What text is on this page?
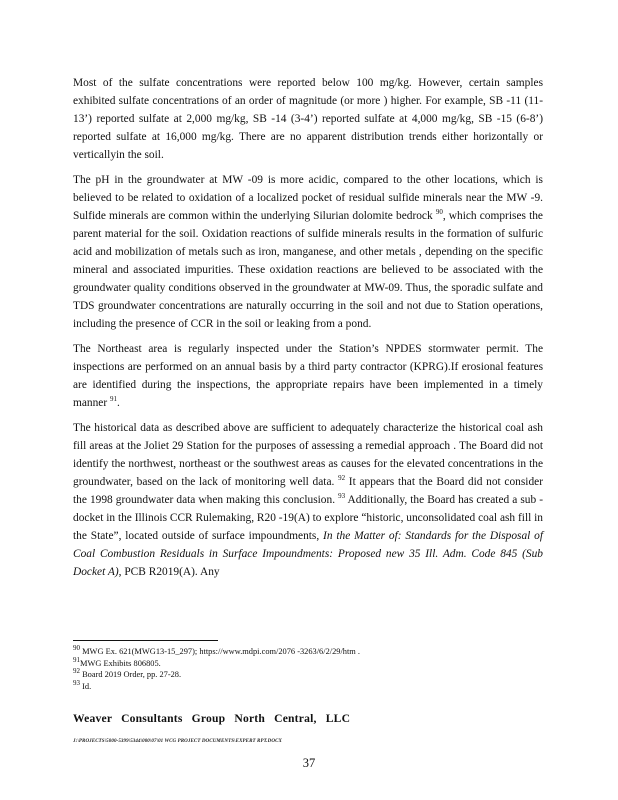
Most of the sulfate concentrations were reported below 100 mg/kg. However, certain samples exhibited sulfate concentrations of an order of magnitude (or more ) higher. For example, SB -11 (11-13’) reported sulfate at 2,000 mg/kg, SB -14 (3-4’) reported sulfate at 4,000 mg/kg, SB -15 (6-8’) reported sulfate at 16,000 mg/kg. There are no apparent distribution trends either horizontally or verticallyin the soil.

The pH in the groundwater at MW -09 is more acidic, compared to the other locations, which is believed to be related to oxidation of a localized pocket of residual sulfide minerals near the MW -9. Sulfide minerals are common within the underlying Silurian dolomite bedrock $^{90}$, which comprises the parent material for the soil. Oxidation reactions of sulfide minerals results in the formation of sulfuric acid and mobilization of metals such as iron, manganese, and other metals , depending on the specific mineral and associated impurities. These oxidation reactions are believed to be associated with the groundwater quality conditions observed in the groundwater at MW-09. Thus, the sporadic sulfate and TDS groundwater concentrations are naturally occurring in the soil and not due to Station operations, including the presence of CCR in the soil or leaking from a pond.

The Northeast area is regularly inspected under the Station’s NPDES stormwater permit. The inspections are performed on an annual basis by a third party contractor (KPRG).If erosional features are identified during the inspections, the appropriate repairs have been implemented in a timely manner $^{91}$.

The historical data as described above are sufficient to adequately characterize the historical coal ash fill areas at the Joliet 29 Station for the purposes of assessing a remedial approach . The Board did not identify the northwest, northeast or the southwest areas as causes for the elevated concentrations in the groundwater, based on the lack of monitoring well data. $^{92}$ It appears that the Board did not consider the 1998 groundwater data when making this conclusion. $^{93}$ Additionally, the Board has created a sub -docket in the Illinois CCR Rulemaking, R20 -19(A) to explore “historic, unconsolidated coal ash fill in the State”, located outside of surface impoundments, In the Matter of: Standards for the Disposal of Coal Combustion Residuals in Surface Impoundments: Proposed new 35 Ill. Adm. Code 845 (Sub Docket A), PCB R2019(A). Any

$^{90}$ MWG Ex. 621(MWG13-15_297); https://www.mdpi.com/2076 -3263/6/2/29/htm .

$^{91}$MWG Exhibits 806805.

$^{92}$ Board 2019 Order, pp. 27-28.

$^{93}$ Id.

Weaver Consultants Group North Central, LLC
J:\PROJECTS\5000-5399\5344\000\07\01 WCG PROJECT DOCUMENTS\EXPERT RPT.DOCX
37
